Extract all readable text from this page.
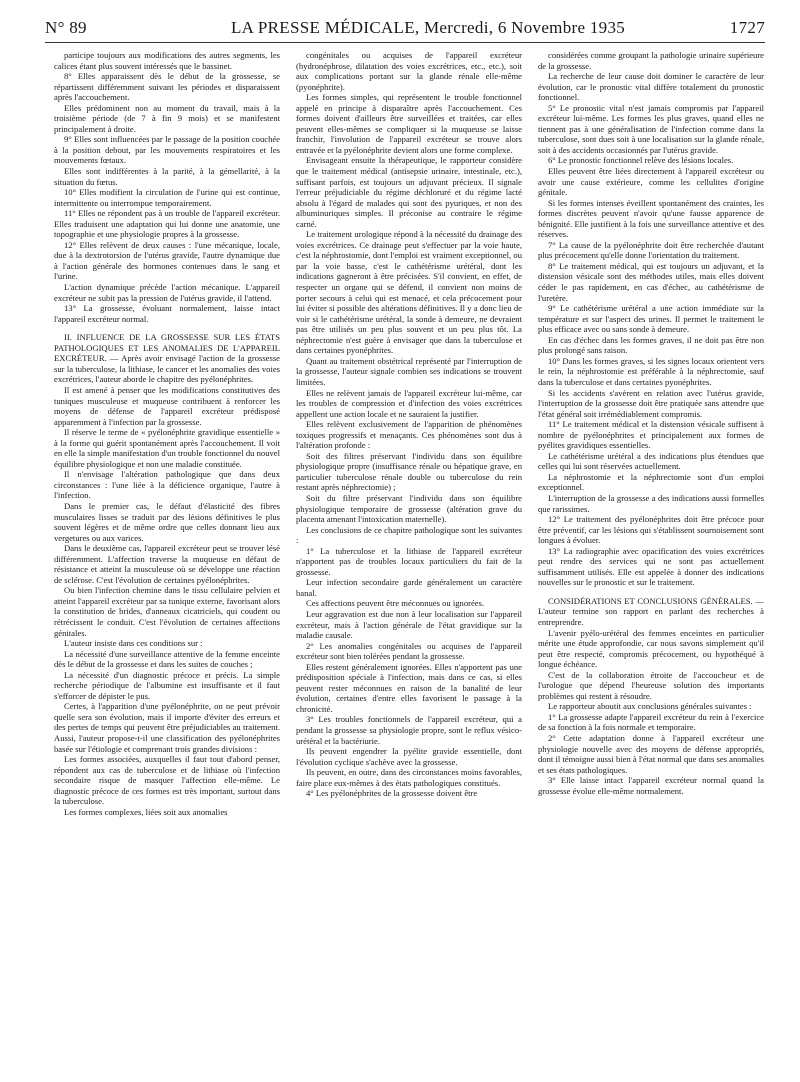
N° 89	LA PRESSE MÉDICALE, Mercredi, 6 Novembre 1935	1727

participe toujours aux modifications des autres segments, les calices étant plus souvent intéressés que le bassinet.

8° Elles apparaissent dès le début de la grossesse, se répartissent différemment suivant les périodes et disparaissent après l'accouchement.

Elles prédominent non au moment du travail, mais à la troisième période (de 7 à fin 9 mois) et se manifestent principalement à droite.

9° Elles sont influencées par le passage de la position couchée à la position debout, par les mouvements respiratoires et les mouvements fœtaux.

Elles sont indifférentes à la parité, à la gémellarité, à la situation du fœtus.

10° Elles modifient la circulation de l'urine qui est continue, intermittente ou interrompue temporairement.

11° Elles ne répondent pas à un trouble de l'appareil excréteur. Elles traduisent une adaptation qui lui donne une anatomie, une topographie et une physiologie propres à la grossesse.

12° Elles relèvent de deux causes : l'une mécanique, locale, due à la dextrotorsion de l'utérus gravide, l'autre dynamique due à l'action générale des hormones contenues dans le sang et l'urine.

L'action dynamique précède l'action mécanique. L'appareil excréteur ne subit pas la pression de l'utérus gravide, il l'attend.

13° La grossesse, évoluant normalement, laisse intact l'appareil excréteur normal.

II. INFLUENCE DE LA GROSSESSE SUR LES ÉTATS PATHOLOGIQUES ET LES ANOMALIES DE L'APPAREIL EXCRÉTEUR. — Après avoir envisagé l'action de la grossesse sur la tuberculose, la lithiase, le cancer et les anomalies des voies excrétrices, l'auteur aborde le chapitre des pyélonéphrites.

Il est amené à penser que les modifications constitutives des tuniques musculeuse et muqueuse contribuent à renforcer les moyens de défense de l'appareil excréteur prédisposé apparemment à l'infection par la grossesse.

Il réserve le terme de « pyélonéphrite gravidique essentielle » à la forme qui guérit spontanément après l'accouchement. Il voit en elle la simple manifestation d'un trouble fonctionnel du nouvel équilibre physiologique et non une maladie constituée.

Il n'envisage l'altération pathologique que dans deux circonstances : l'une liée à la déficience organique, l'autre à l'infection.

Dans le premier cas, le défaut d'élasticité des fibres musculaires lisses se traduit par des lésions définitives le plus souvent légères et de même ordre que celles donnant lieu aux vergetures ou aux varices.

Dans le deuxième cas, l'appareil excréteur peut se trouver lésé différemment. L'affection traverse la muqueuse en défaut de résistance et atteint la musculeuse où se développe une réaction de sclérose. C'est l'évolution de certaines pyélonéphrites.

Ou bien l'infection chemine dans le tissu cellulaire pelvien et atteint l'appareil excréteur par sa tunique externe, favorisant alors la constitution de brides, d'anneaux cicatriciels, qui coudent ou rétrécissent le conduit. C'est l'évolution de certaines affections génitales.

L'auteur insiste dans ces conditions sur :

La nécessité d'une surveillance attentive de la femme enceinte dès le début de la grossesse et dans les suites de couches ;

La nécessité d'un diagnostic précoce et précis. La simple recherche périodique de l'albumine est insuffisante et il faut s'efforcer de dépister le pus.

Certes, à l'apparition d'une pyélonéphrite, on ne peut prévoir quelle sera son évolution, mais il importe d'éviter des erreurs et des pertes de temps qui peuvent être préjudiciables au traitement. Aussi, l'auteur propose-t-il une classification des pyélonéphrites basée sur l'étiologie et comprenant trois grandes divisions :

Les formes associées, auxquelles il faut tout d'abord penser, répondent aux cas de tuberculose et de lithiase où l'infection secondaire risque de masquer l'affection elle-même. Le diagnostic précoce de ces formes est très important, surtout dans la tuberculose.

Les formes complexes, liées soit aux anomalies

congénitales ou acquises de l'appareil excréteur (hydronéphrose, dilatation des voies excrétrices, etc., etc.), soit aux complications portant sur la glande rénale elle-même (pyonéphrite).

Les formes simples, qui représentent le trouble fonctionnel appelé en principe à disparaître après l'accouchement. Ces formes doivent d'ailleurs être surveillées et traitées, car elles peuvent elles-mêmes se compliquer si la muqueuse se laisse franchir, l'involution de l'appareil excréteur se trouve alors entravée et la pyélonéphrite devient alors une forme complexe.

Envisageant ensuite la thérapeutique, le rapporteur considère que le traitement médical (antisepsie urinaire, intestinale, etc.), suffisant parfois, est toujours un adjuvant précieux. Il signale l'erreur préjudiciable du régime déchloruré et du régime lacté absolu à l'égard de malades qui sont des pyuriques, et non des albuminuriques simples. Il préconise au contraire le régime carné.

Le traitement urologique répond à la nécessité du drainage des voies excrétrices. Ce drainage peut s'effectuer par la voie haute, c'est la néphrostomie, dont l'emploi est vraiment exceptionnel, ou par la voie basse, c'est le cathétérisme urétéral, dont les indications gagneront à être précisées. S'il convient, en effet, de respecter un organe qui se défend, il convient non moins de porter secours à celui qui est menacé, et cela précocement pour lui éviter si possible des altérations définitives. Il y a donc lieu de voir si le cathétérisme urétéral, la sonde à demeure, ne devraient pas être utilisés un peu plus souvent et un peu plus tôt. La néphrectomie n'est guère à envisager que dans la tuberculose et dans certaines pyonéphrites.

Quant au traitement obstétrical représenté par l'interruption de la grossesse, l'auteur signale combien ses indications se trouvent limitées.

Elles ne relèvent jamais de l'appareil excréteur lui-même, car les troubles de compression et d'infection des voies excrétrices appellent une action locale et ne sauraient la justifier.

Elles relèvent exclusivement de l'apparition de phénomènes toxiques progressifs et menaçants. Ces phénomènes sont dus à l'altération profonde :

Soit des filtres préservant l'individu dans son équilibre physiologique propre (insuffisance rénale ou hépatique grave, en particulier tuberculose rénale double ou tuberculose du rein restant après néphrectomie) ;

Soit du filtre préservant l'individu dans son équilibre physiologique temporaire de grossesse (altération grave du placenta amenant l'intoxication maternelle).

Les conclusions de ce chapitre pathologique sont les suivantes :

1° La tuberculose et la lithiase de l'appareil excréteur n'apportent pas de troubles locaux particuliers du fait de la grossesse.

Leur infection secondaire garde généralement un caractère banal.

Ces affections peuvent être méconnues ou ignorées.

Leur aggravation est due non à leur localisation sur l'appareil excréteur, mais à l'action générale de l'état gravidique sur la maladie causale.

2° Les anomalies congénitales ou acquises de l'appareil excréteur sont bien tolérées pendant la grossesse.

Elles restent généralement ignorées. Elles n'apportent pas une prédisposition spéciale à l'infection, mais dans ce cas, si elles peuvent rester méconnues en raison de la banalité de leur évolution, certaines d'entre elles favorisent le passage à la chronicité.

3° Les troubles fonctionnels de l'appareil excréteur, qui a pendant la grossesse sa physiologie propre, sont le reflux vésico-urétéral et la bactériurie.

Ils peuvent engendrer la pyélite gravide essentielle, dont l'évolution cyclique s'achève avec la grossesse.

Ils peuvent, en outre, dans des circonstances moins favorables, faire place eux-mêmes à des états pathologiques constitués.

4° Les pyélonéphrites de la grossesse doivent être

considérées comme groupant la pathologie urinaire supérieure de la grossesse.

La recherche de leur cause doit dominer le caractère de leur évolution, car le pronostic vital diffère totalement du pronostic fonctionnel.

5° Le pronostic vital n'est jamais compromis par l'appareil excréteur lui-même. Les formes les plus graves, quand elles ne tiennent pas à une généralisation de l'infection comme dans la tuberculose, sont dues soit à une localisation sur la glande rénale, soit à des accidents occasionnés par l'utérus gravide.

6° Le pronostic fonctionnel relève des lésions locales.

Elles peuvent être liées directement à l'appareil excréteur ou avoir une cause extérieure, comme les cellulites d'origine génitale.

Si les formes intenses éveillent spontanément des craintes, les formes discrètes peuvent n'avoir qu'une fausse apparence de bénignité. Elle justifient à la fois une surveillance attentive et des réserves.

7° La cause de la pyélonéphrite doit être recherchée d'autant plus précocement qu'elle donne l'orientation du traitement.

8° Le traitement médical, qui est toujours un adjuvant, et la distension vésicale sont des méthodes utiles, mais elles doivent céder le pas rapidement, en cas d'échec, au cathétérisme de l'uretère.

9° Le cathétérisme urétéral a une action immédiate sur la température et sur l'aspect des urines. Il permet le traitement le plus efficace avec ou sans sonde à demeure.

En cas d'échec dans les formes graves, il ne doit pas être non plus prolongé sans raison.

10° Dans les formes graves, si les signes locaux orientent vers le rein, la néphrostomie est préférable à la néphrectomie, sauf dans la tuberculose et dans certaines pyonéphrites.

Si les accidents s'avèrent en relation avec l'utérus gravide, l'interruption de la grossesse doit être pratiquée sans attendre que l'état général soit irrémédiablement compromis.

11° Le traitement médical et la distension vésicale suffisent à nombre de pyélonéphrites et principalement aux formes de pyélites gravidiques essentielles.

Le cathétérisme urétéral a des indications plus étendues que celles qui lui sont réservées actuellement.

La néphrostomie et la néphrectomie sont d'un emploi exceptionnel.

L'interruption de la grossesse a des indications aussi formelles que rarissimes.

12° Le traitement des pyélonéphrites doit être précoce pour être préventif, car les lésions qui s'établissent sournoisement sont longues à évoluer.

13° La radiographie avec opacification des voies excrétrices peut rendre des services qui ne sont pas actuellement suffisamment utilisés. Elle est appelée à donner des indications nouvelles sur le pronostic et sur le traitement.

CONSIDÉRATIONS ET CONCLUSIONS GÉNÉRALES. — L'auteur termine son rapport en parlant des recherches à entreprendre.

L'avenir pyélo-urétéral des femmes enceintes en particulier mérite une étude approfondie, car nous savons simplement qu'il peut être respecté, compromis précocement, ou hypothéqué à longue échéance.

C'est de la collaboration étroite de l'accoucheur et de l'urologue que dépend l'heureuse solution des importants problèmes qui restent à résoudre.

Le rapporteur aboutit aux conclusions générales suivantes :

1° La grossesse adapte l'appareil excréteur du rein à l'exercice de sa fonction à la fois normale et temporaire.

2° Cette adaptation donne à l'appareil excréteur une physiologie nouvelle avec des moyens de défense appropriés, dont il témoigne aussi bien à l'état normal que dans ses anomalies et ses états pathologiques.

3° Elle laisse intact l'appareil excréteur normal quand la grossesse évolue elle-même normalement.
